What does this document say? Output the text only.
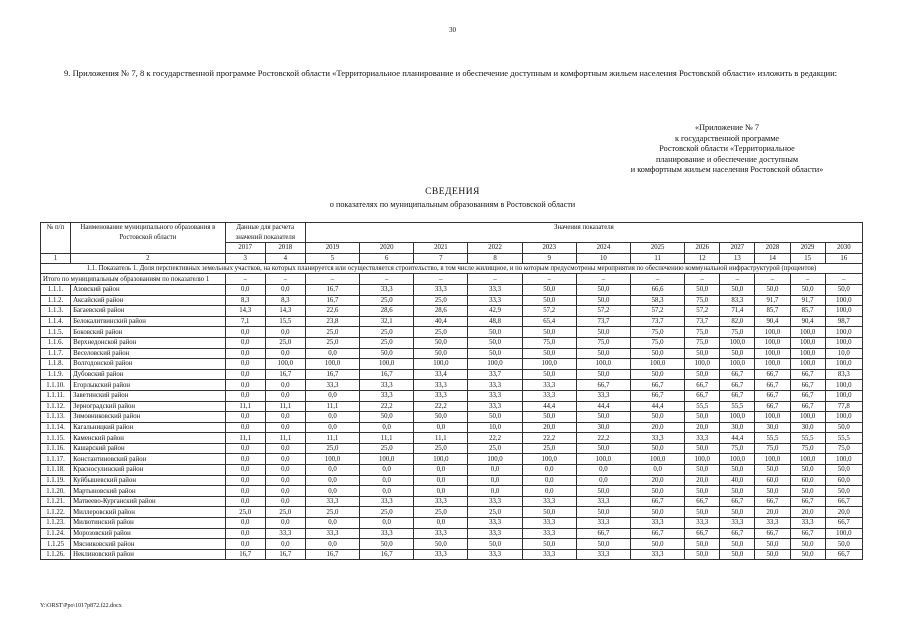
30
9. Приложения № 7, 8 к государственной программе Ростовской области «Территориальное планирование и обеспечение доступным и комфортным жильем населения Ростовской области» изложить в редакции:
«Приложение № 7
к государственной программе
Ростовской области «Территориальное
планирование и обеспечение доступным
и комфортным жильем населения Ростовской области»
СВЕДЕНИЯ
о показателях по муниципальным образованиям в Ростовской области
№ п/п	Наименование муниципального образования в Ростовской области	Данные для расчета значений показателя		Значения показателя											
		2017	2018	2019	2020	2021	2022	2023	2024	2025	2026	2027	2028	2029	2030
1	2	3	4	5	6	7	8	9	10	11	12	13	14	15	16
1.1. Показатель 1. Доля перспективных земельных участков, на которых планируется или осуществляется строительство, в том числе жилищное, и по которым предусмотрены мероприятия по обеспечению коммунальной инфраструктурой (процентов)															
Итого по муниципальным образованиям по показателю 1		–	–	–	–	–	–	–	–	–	–	–	–	–	–
1.1.1.	Азовский район	0,0	0,0	16,7	33,3	33,3	33,3	50,0	50,0	66,6	50,0	50,0	50,0	50,0	50,0
1.1.2.	Аксайский район	8,3	8,3	16,7	25,0	25,0	33,3	50,0	50,0	58,3	75,0	83,3	91,7	91,7	100,0
1.1.3.	Багаевский район	14,3	14,3	22,6	28,6	28,6	42,9	57,2	57,2	57,2	57,2	71,4	85,7	85,7	100,0
1.1.4.	Белокалитвинский район	7,1	15,5	23,8	32,1	40,4	48,8	65,4	73,7	73,7	73,7	82,0	90,4	90,4	98,7
1.1.5.	Боковский район	0,0	0,0	25,0	25,0	25,0	50,0	50,0	50,0	75,0	75,0	75,0	100,0	100,0	100,0
1.1.6.	Верхнедонской район	0,0	25,0	25,0	25,0	50,0	50,0	75,0	75,0	75,0	75,0	100,0	100,0	100,0	100,0
1.1.7.	Веселовский район	0,0	0,0	0,0	50,0	50,0	50,0	50,0	50,0	50,0	50,0	50,0	100,0	100,0	10,0
1.1.8.	Волгодонской район	0,0	100,0	100,0	100,0	100,0	100,0	100,0	100,0	100,0	100,0	100,0	100,0	100,0	100,0
1.1.9.	Дубовский район	0,0	16,7	16,7	16,7	33,4	33,7	50,0	50,0	50,0	50,0	66,7	66,7	66,7	83,3
1.1.10.	Егорлыкский район	0,0	0,0	33,3	33,3	33,3	33,3	33,3	66,7	66,7	66,7	66,7	66,7	66,7	100,0
1.1.11.	Заветинский район	0,0	0,0	0,0	33,3	33,3	33,3	33,3	33,3	66,7	66,7	66,7	66,7	66,7	100,0
1.1.12.	Зерноградский район	11,1	11,1	11,1	22,2	22,2	33,3	44,4	44,4	44,4	55,5	55,5	66,7	66,7	77,8
1.1.13.	Зимовниковский район	0,0	0,0	0,0	50,0	50,0	50,0	50,0	50,0	50,0	50,0	100,0	100,0	100,0	100,0
1.1.14.	Кагальницкий район	0,0	0,0	0,0	0,0	0,0	10,0	20,0	30,0	20,0	20,0	30,0	30,0	30,0	50,0
1.1.15.	Каменский район	11,1	11,1	11,1	11,1	11,1	22,2	22,2	22,2	33,3	33,3	44,4	55,5	55,5	55,5
1.1.16.	Кашарский район	0,0	0,0	25,0	25,0	25,0	25,0	25,0	50,0	50,0	50,0	75,0	75,0	75,0	75,0
1.1.17.	Константиновский район	0,0	0,0	100,0	100,0	100,0	100,0	100,0	100,0	100,0	100,0	100,0	100,0	100,0	100,0
1.1.18.	Красносулинский район	0,0	0,0	0,0	0,0	0,0	0,0	0,0	0,0	0,0	50,0	50,0	50,0	50,0	50,0
1.1.19.	Куйбышевский район	0,0	0,0	0,0	0,0	0,0	0,0	0,0	0,0	20,0	20,0	40,0	60,0	60,0	60,0
1.1.20.	Мартыновский район	0,0	0,0	0,0	0,0	0,0	0,0	0,0	50,0	50,0	50,0	50,0	50,0	50,0	50,0
1.1.21.	Матвеево-Курганский район	0,0	0,0	33,3	33,3	33,3	33,3	33,3	33,3	66,7	66,7	66,7	66,7	66,7	66,7
1.1.22.	Миллеровский район	25,0	25,0	25,0	25,0	25,0	25,0	50,0	50,0	50,0	50,0	50,0	20,0	20,0	20,0
1.1.23.	Милютинский район	0,0	0,0	0,0	0,0	0,0	33,3	33,3	33,3	33,3	33,3	33,3	33,3	33,3	66,7
1.1.24.	Морозовский район	0,0	33,3	33,3	33,3	33,3	33,3	33,3	66,7	66,7	66,7	66,7	66,7	66,7	100,0
1.1.25	Мясниковский район	0,0	0,0	0,0	50,0	50,0	50,0	50,0	50,0	50,0	50,0	50,0	50,0	50,0	50,0
1.1.26.	Неклиновский район	16,7	16,7	16,7	16,7	33,3	33,3	33,3	33,3	33,3	50,0	50,0	50,0	50,0	66,7
Y:\ORST\Ppo\1017p872.f22.docx
